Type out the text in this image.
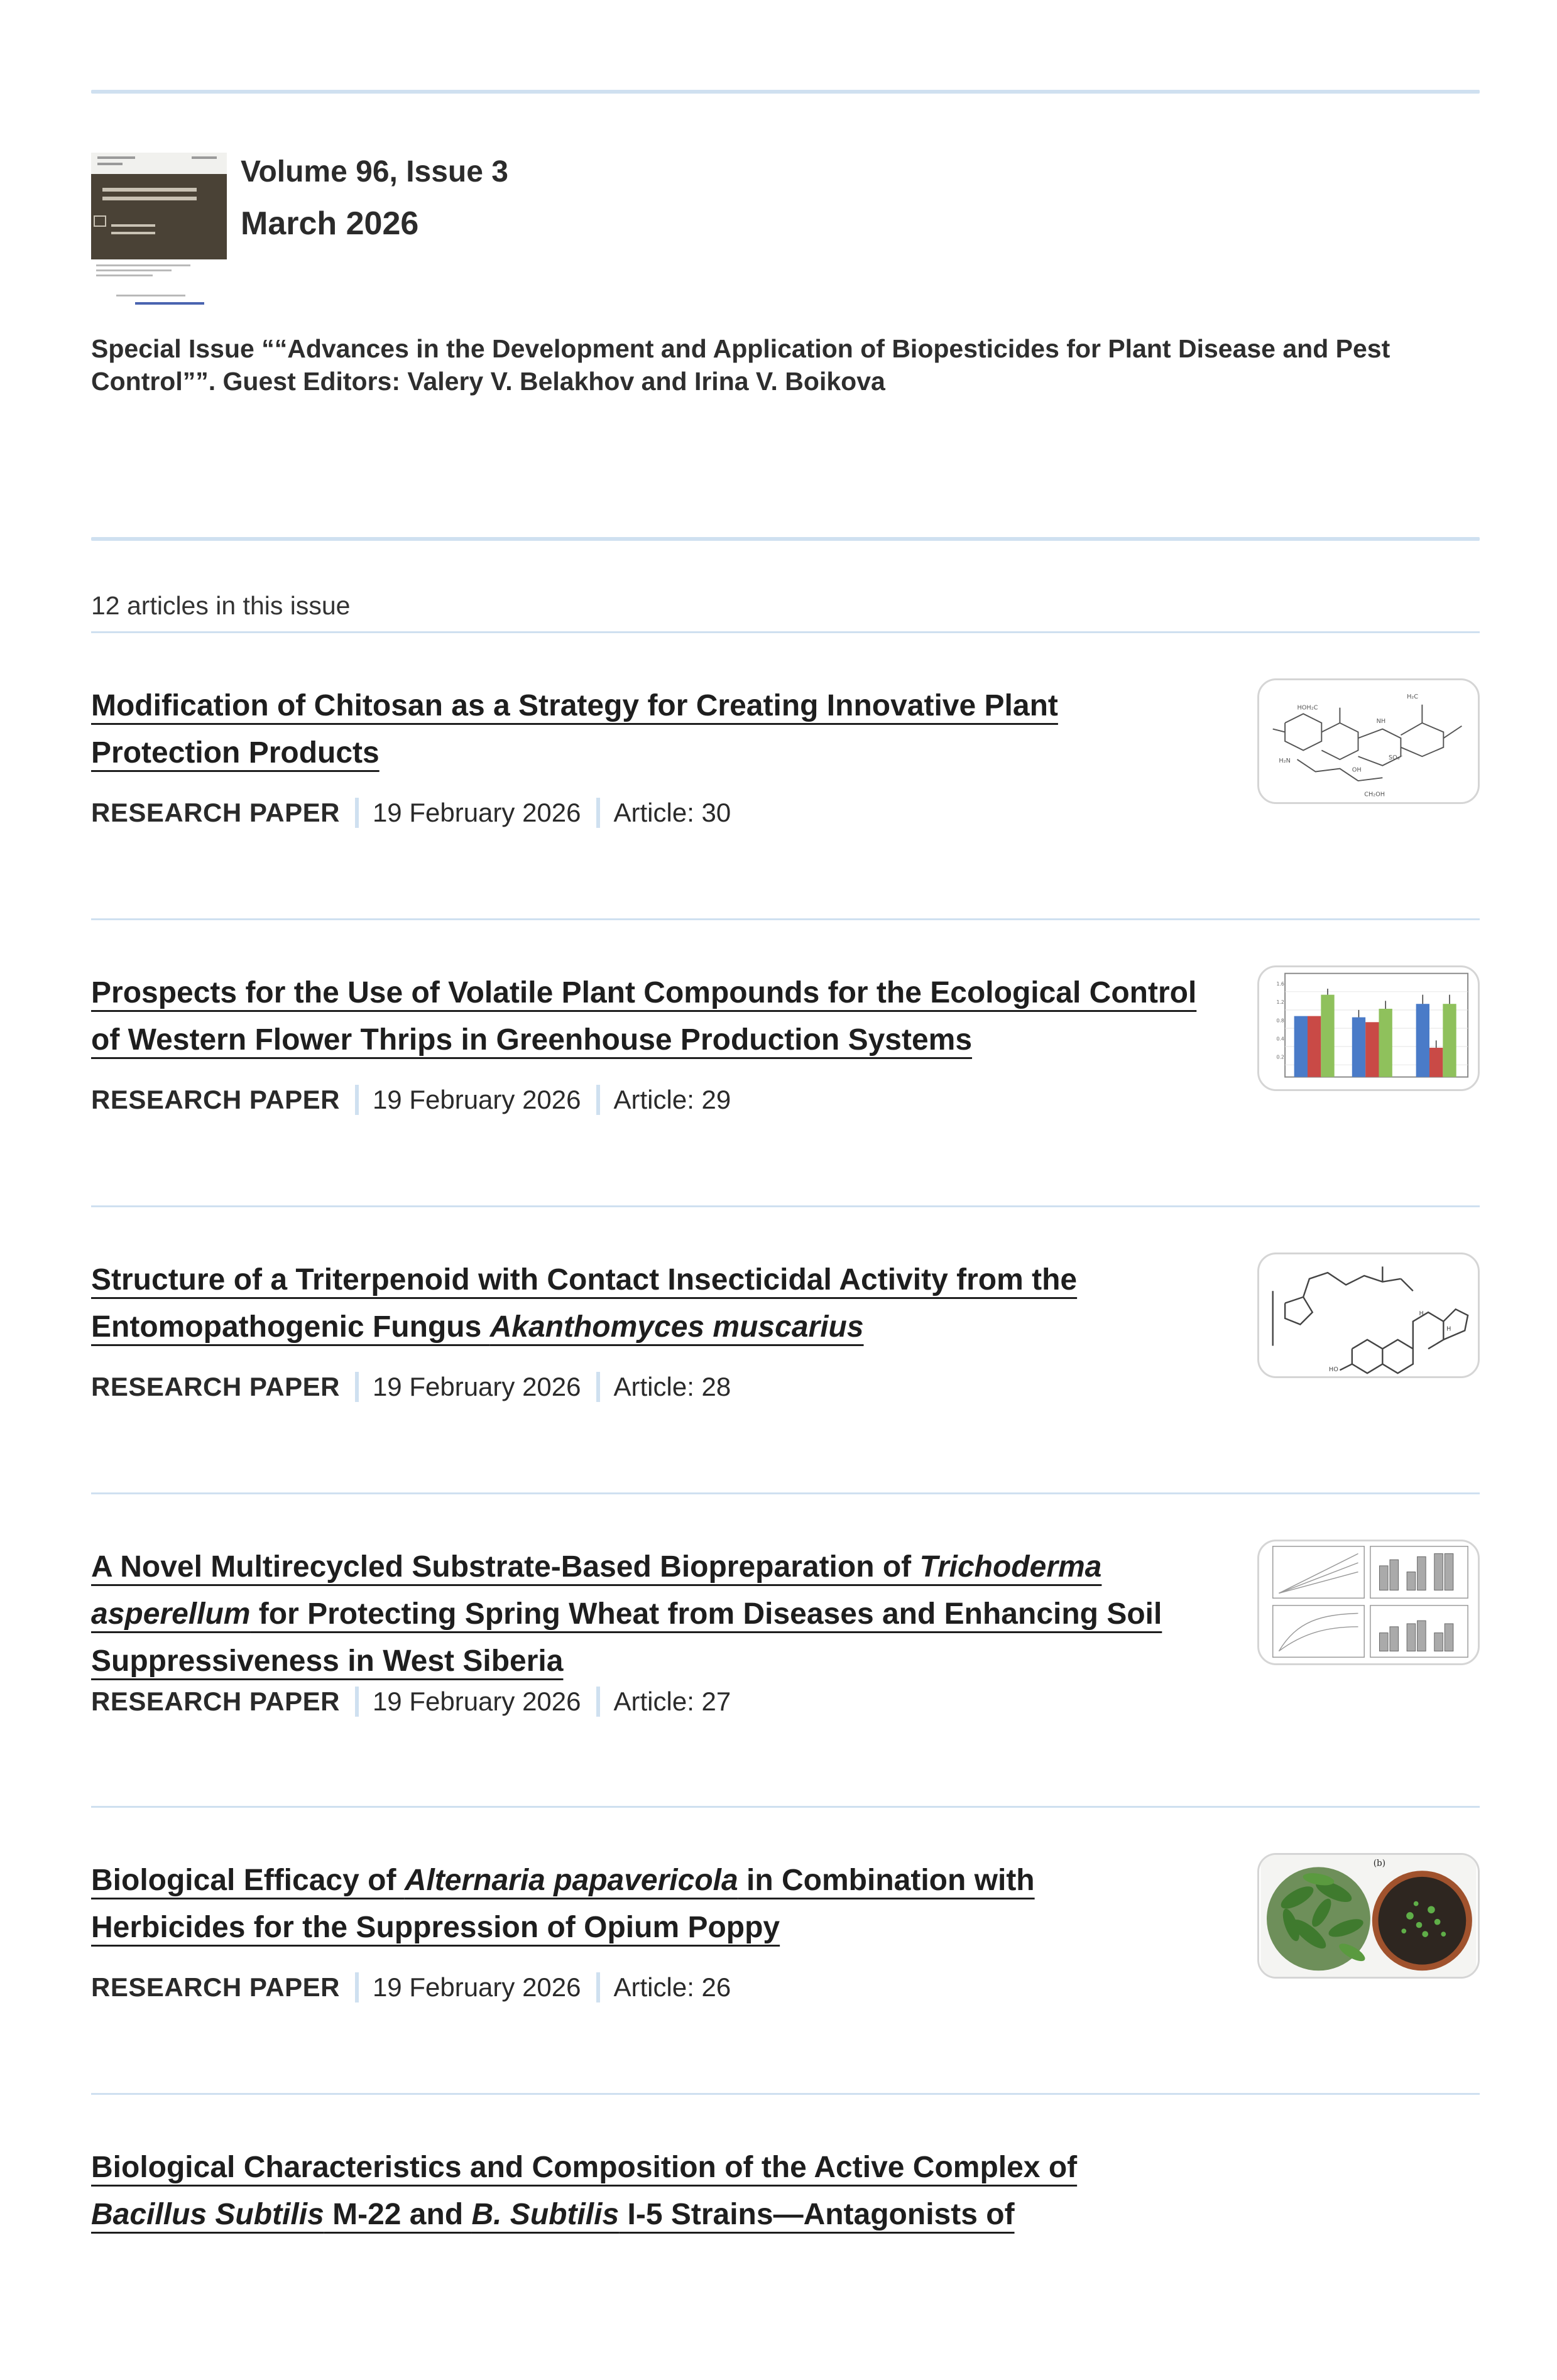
Volume 96, Issue 3

March 2026

Special Issue ““Advances in the Development and Application of Biopesticides for Plant Disease and Pest Control””. Guest Editors: Valery V. Belakhov and Irina V. Boikova

12 articles in this issue
Modification of Chitosan as a Strategy for Creating Innovative Plant Protection Products
RESEARCH PAPER 19 February 2026 Article: 30
HOH₂C
H₂C
NH
H₂N
OH
SO₃⁻
CH₂OH
Prospects for the Use of Volatile Plant Compounds for the Ecological Control of Western Flower Thrips in Greenhouse Production Systems
RESEARCH PAPER 19 February 2026 Article: 29
1.6
1.2
0.8
0.4
0.2
Structure of a Triterpenoid with Contact Insecticidal Activity from the Entomopathogenic Fungus Akanthomyces muscarius
RESEARCH PAPER 19 February 2026 Article: 28
H
H
HO
A Novel Multirecycled Substrate-Based Biopreparation of Trichoderma asperellum for Protecting Spring Wheat from Diseases and Enhancing Soil Suppressiveness in West Siberia
RESEARCH PAPER 19 February 2026 Article: 27
Biological Efficacy of Alternaria papavericola in Combination with Herbicides for the Suppression of Opium Poppy
RESEARCH PAPER 19 February 2026 Article: 26
(b)
Biological Characteristics and Composition of the Active Complex of Bacillus Subtilis M-22 and B. Subtilis I-5 Strains—Antagonists of
